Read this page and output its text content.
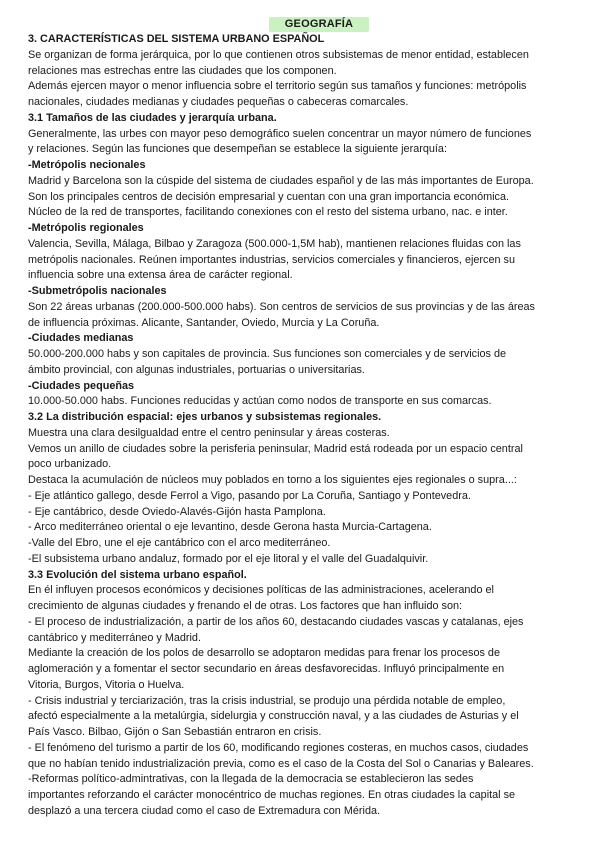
GEOGRAFÍA
3. CARACTERÍSTICAS DEL SISTEMA URBANO ESPAÑOL
Se organizan de forma jerárquica, por lo que contienen otros subsistemas de menor entidad, establecen
relaciones mas estrechas entre las ciudades que los componen.
Además ejercen mayor o menor influencia sobre el territorio según sus tamaños y funciones: metrópolis
nacionales, ciudades medianas y ciudades pequeñas o cabeceras comarcales.
3.1 Tamaños de las ciudades y jerarquía urbana.
Generalmente, las urbes con mayor peso demográfico suelen concentrar un mayor número de funciones
y relaciones. Según las funciones que desempeñan se establece la siguiente jerarquía:
-Metrópolis necionales
Madrid y Barcelona son la cúspide del sistema de ciudades español y de las más importantes de Europa.
Son los principales centros de decisión empresarial y cuentan con una gran importancia económica.
Núcleo de la red de transportes, facilitando conexiones con el resto del sistema urbano, nac. e inter.
-Metrópolis regionales
Valencia, Sevilla, Málaga, Bilbao y Zaragoza (500.000-1,5M hab), mantienen relaciones fluidas con las
metrópolis nacionales. Reúnen importantes industrias, servicios comerciales y financieros, ejercen su
influencia sobre una extensa área de carácter regional.
-Submetrópolis nacionales
Son 22 áreas urbanas (200.000-500.000 habs). Son centros de servicios de sus provincias y de las áreas
de influencia próximas. Alicante, Santander, Oviedo, Murcia y La Coruña.
-Ciudades medianas
50.000-200.000 habs y son capitales de provincia. Sus funciones son comerciales y de servicios de
ámbito provincial, con algunas industriales, portuarias o universitarias.
-Ciudades pequeñas
10.000-50.000 habs. Funciones reducidas y actúan como nodos de transporte en sus comarcas.
3.2 La distribución espacial: ejes urbanos y subsistemas regionales.
Muestra una clara desilgualdad entre el centro peninsular y áreas costeras.
Vemos un anillo de ciudades sobre la perisferia peninsular, Madrid está rodeada por un espacio central
poco urbanizado.
Destaca la acumulación de núcleos muy poblados en torno a los siguientes ejes regionales o supra...:
- Eje atlántico gallego, desde Ferrol a Vigo, pasando por La Coruña, Santiago y Pontevedra.
- Eje cantábrico, desde Oviedo-Alavés-Gijón hasta Pamplona.
- Arco mediterráneo oriental o eje levantino, desde Gerona hasta Murcia-Cartagena.
-Valle del Ebro, une el eje cantábrico con el arco mediterráneo.
-El subsistema urbano andaluz, formado por el eje litoral y el valle del Guadalquivir.
3.3 Evolución del sistema urbano español.
En él influyen procesos económicos y decisiones políticas de las administraciones, acelerando el
crecimiento de algunas ciudades y frenando el de otras. Los factores que han influido son:
- El proceso de industrialización, a partir de los años 60, destacando ciudades vascas y catalanas, ejes
cantábrico y mediterráneo y Madrid.
Mediante la creación de los polos de desarrollo se adoptaron medidas para frenar los procesos de
aglomeración y a fomentar el sector secundario en áreas desfavorecidas. Influyó principalmente en
Vitoria, Burgos, Vitoria o Huelva.
- Crisis industrial y terciarización, tras la crisis industrial, se produjo una pérdida notable de empleo,
afectó especialmente a la metalúrgia, sidelurgia y construcción naval, y a las ciudades de Asturias y el
País Vasco. Bilbao, Gijón o San Sebastián entraron en crisis.
- El fenómeno del turismo a partir de los 60, modificando regiones costeras, en muchos casos, ciudades
que no habían tenido industrialización previa, como es el caso de la Costa del Sol o Canarias y Baleares.
-Reformas político-admintrativas, con la llegada de la democracia se establecieron las sedes
importantes reforzando el carácter monocéntrico de muchas regiones. En otras ciudades la capital se
desplazó a una tercera ciudad como el caso de Extremadura con Mérida.
